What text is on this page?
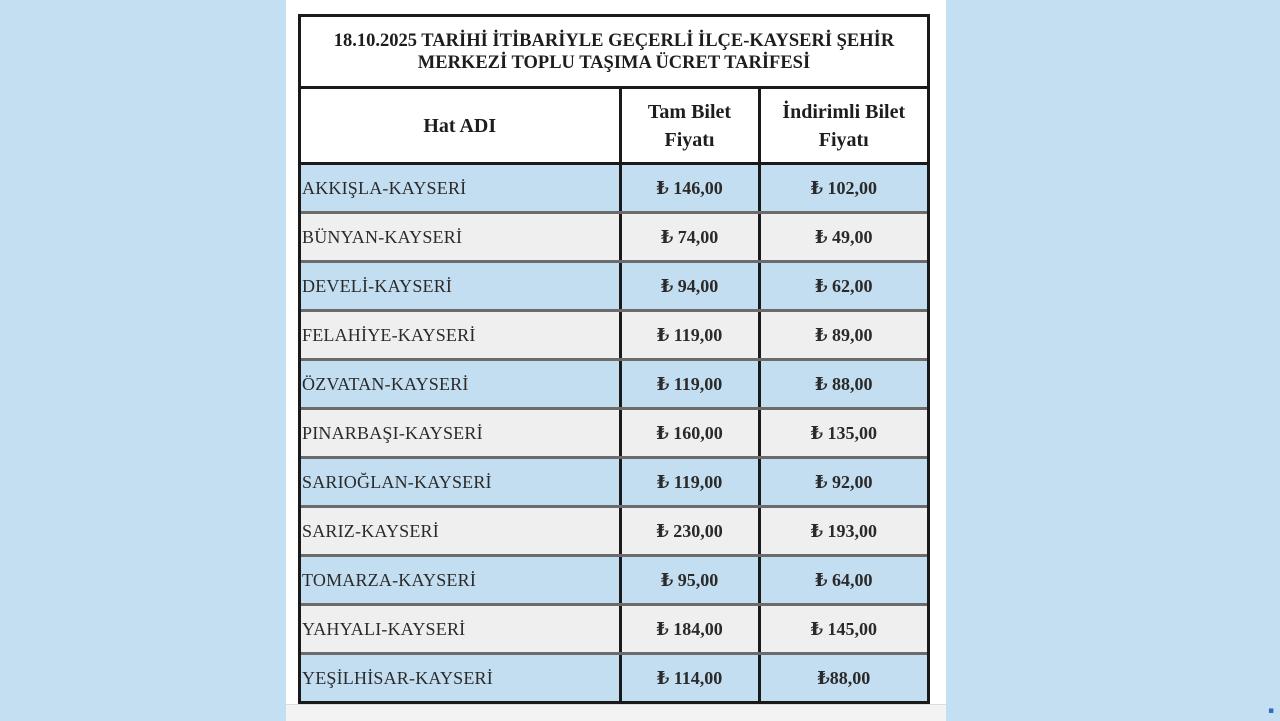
18.10.2025 TARİHİ İTİBARİYLE GEÇERLİ İLÇE-KAYSERİ ŞEHİR MERKEZİ TOPLU TAŞIMA ÜCRET TARİFESİ
Hat ADI	Tam Bilet Fiyatı	İndirimli Bilet Fiyatı
AKKIŞLA-KAYSERİ	₺ 146,00	₺ 102,00
BÜNYAN-KAYSERİ	₺ 74,00	₺ 49,00
DEVELİ-KAYSERİ	₺ 94,00	₺ 62,00
FELAHİYE-KAYSERİ	₺ 119,00	₺ 89,00
ÖZVATAN-KAYSERİ	₺ 119,00	₺ 88,00
PINARBAŞI-KAYSERİ	₺ 160,00	₺ 135,00
SARIOĞLAN-KAYSERİ	₺ 119,00	₺ 92,00
SARIZ-KAYSERİ	₺ 230,00	₺ 193,00
TOMARZA-KAYSERİ	₺ 95,00	₺ 64,00
YAHYALI-KAYSERİ	₺ 184,00	₺ 145,00
YEŞİLHİSAR-KAYSERİ	₺ 114,00	₺88,00
▪
